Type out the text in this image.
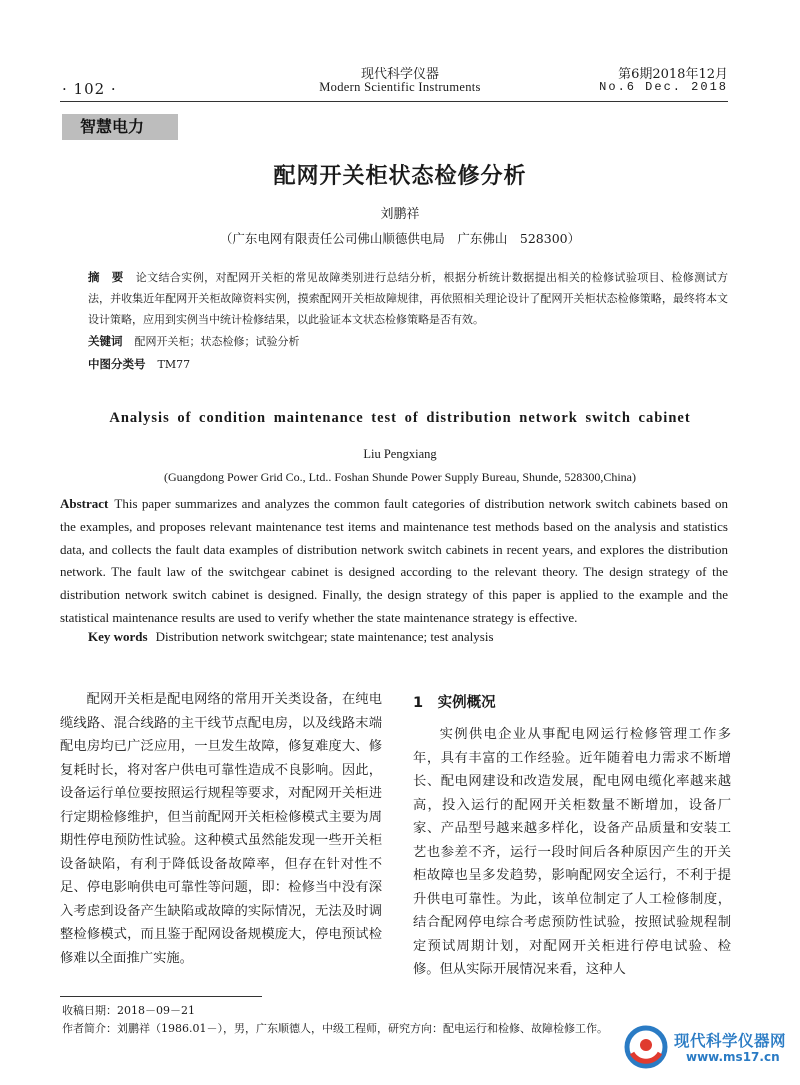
· 102 ·
现代科学仪器
Modern Scientific Instruments
第6期2018年12月
No.6 Dec. 2018
智慧电力
配网开关柜状态检修分析
刘鹏祥
（广东电网有限责任公司佛山顺德供电局　广东佛山　528300）
摘　要 论文结合实例，对配网开关柜的常见故障类别进行总结分析，根据分析统计数据提出相关的检修试验项目、检修测试方法，并收集近年配网开关柜故障资料实例，摸索配网开关柜故障规律，再依照相关理论设计了配网开关柜状态检修策略，最终将本文设计策略，应用到实例当中统计检修结果，以此验证本文状态检修策略是否有效。
关键词 配网开关柜；状态检修；试验分析
中图分类号 TM77
Analysis of condition maintenance test of distribution network switch cabinet
Liu Pengxiang
(Guangdong Power Grid Co., Ltd.. Foshan Shunde Power Supply Bureau, Shunde, 528300,China)
Abstract This paper summarizes and analyzes the common fault categories of distribution network switch cabinets based on the examples, and proposes relevant maintenance test items and maintenance test methods based on the analysis and statistics data, and collects the fault data examples of distribution network switch cabinets in recent years, and explores the distribution network. The fault law of the switchgear cabinet is designed according to the relevant theory. The design strategy of the distribution network switch cabinet is designed. Finally, the design strategy of this paper is applied to the example and the statistical maintenance results are used to verify whether the state maintenance strategy is effective.
Key words Distribution network switchgear; state maintenance; test analysis
配网开关柜是配电网络的常用开关类设备，在纯电缆线路、混合线路的主干线节点配电房，以及线路末端配电房均已广泛应用，一旦发生故障，修复难度大、修复耗时长，将对客户供电可靠性造成不良影响。因此，设备运行单位要按照运行规程等要求，对配网开关柜进行定期检修维护，但当前配网开关柜检修模式主要为周期性停电预防性试验。这种模式虽然能发现一些开关柜设备缺陷，有利于降低设备故障率，但存在针对性不足、停电影响供电可靠性等问题，即：检修当中没有深入考虑到设备产生缺陷或故障的实际情况，无法及时调整检修模式，而且鉴于配网设备规模庞大，停电预试检修难以全面推广实施。
1　实例概况
实例供电企业从事配电网运行检修管理工作多年，具有丰富的工作经验。近年随着电力需求不断增长、配电网建设和改造发展，配电网电缆化率越来越高，投入运行的配网开关柜数量不断增加，设备厂家、产品型号越来越多样化，设备产品质量和安装工艺也参差不齐，运行一段时间后各种原因产生的开关柜故障也呈多发趋势，影响配网安全运行，不利于提升供电可靠性。为此，该单位制定了人工检修制度，结合配网停电综合考虑预防性试验，按照试验规程制定预试周期计划，对配网开关柜进行停电试验、检修。但从实际开展情况来看，这种人
收稿日期：2018－09－21
作者简介：刘鹏祥（1986.01－），男，广东顺德人，中级工程师，研究方向：配电运行和检修、故障检修工作。
现代科学仪器网
www.ms17.cn
